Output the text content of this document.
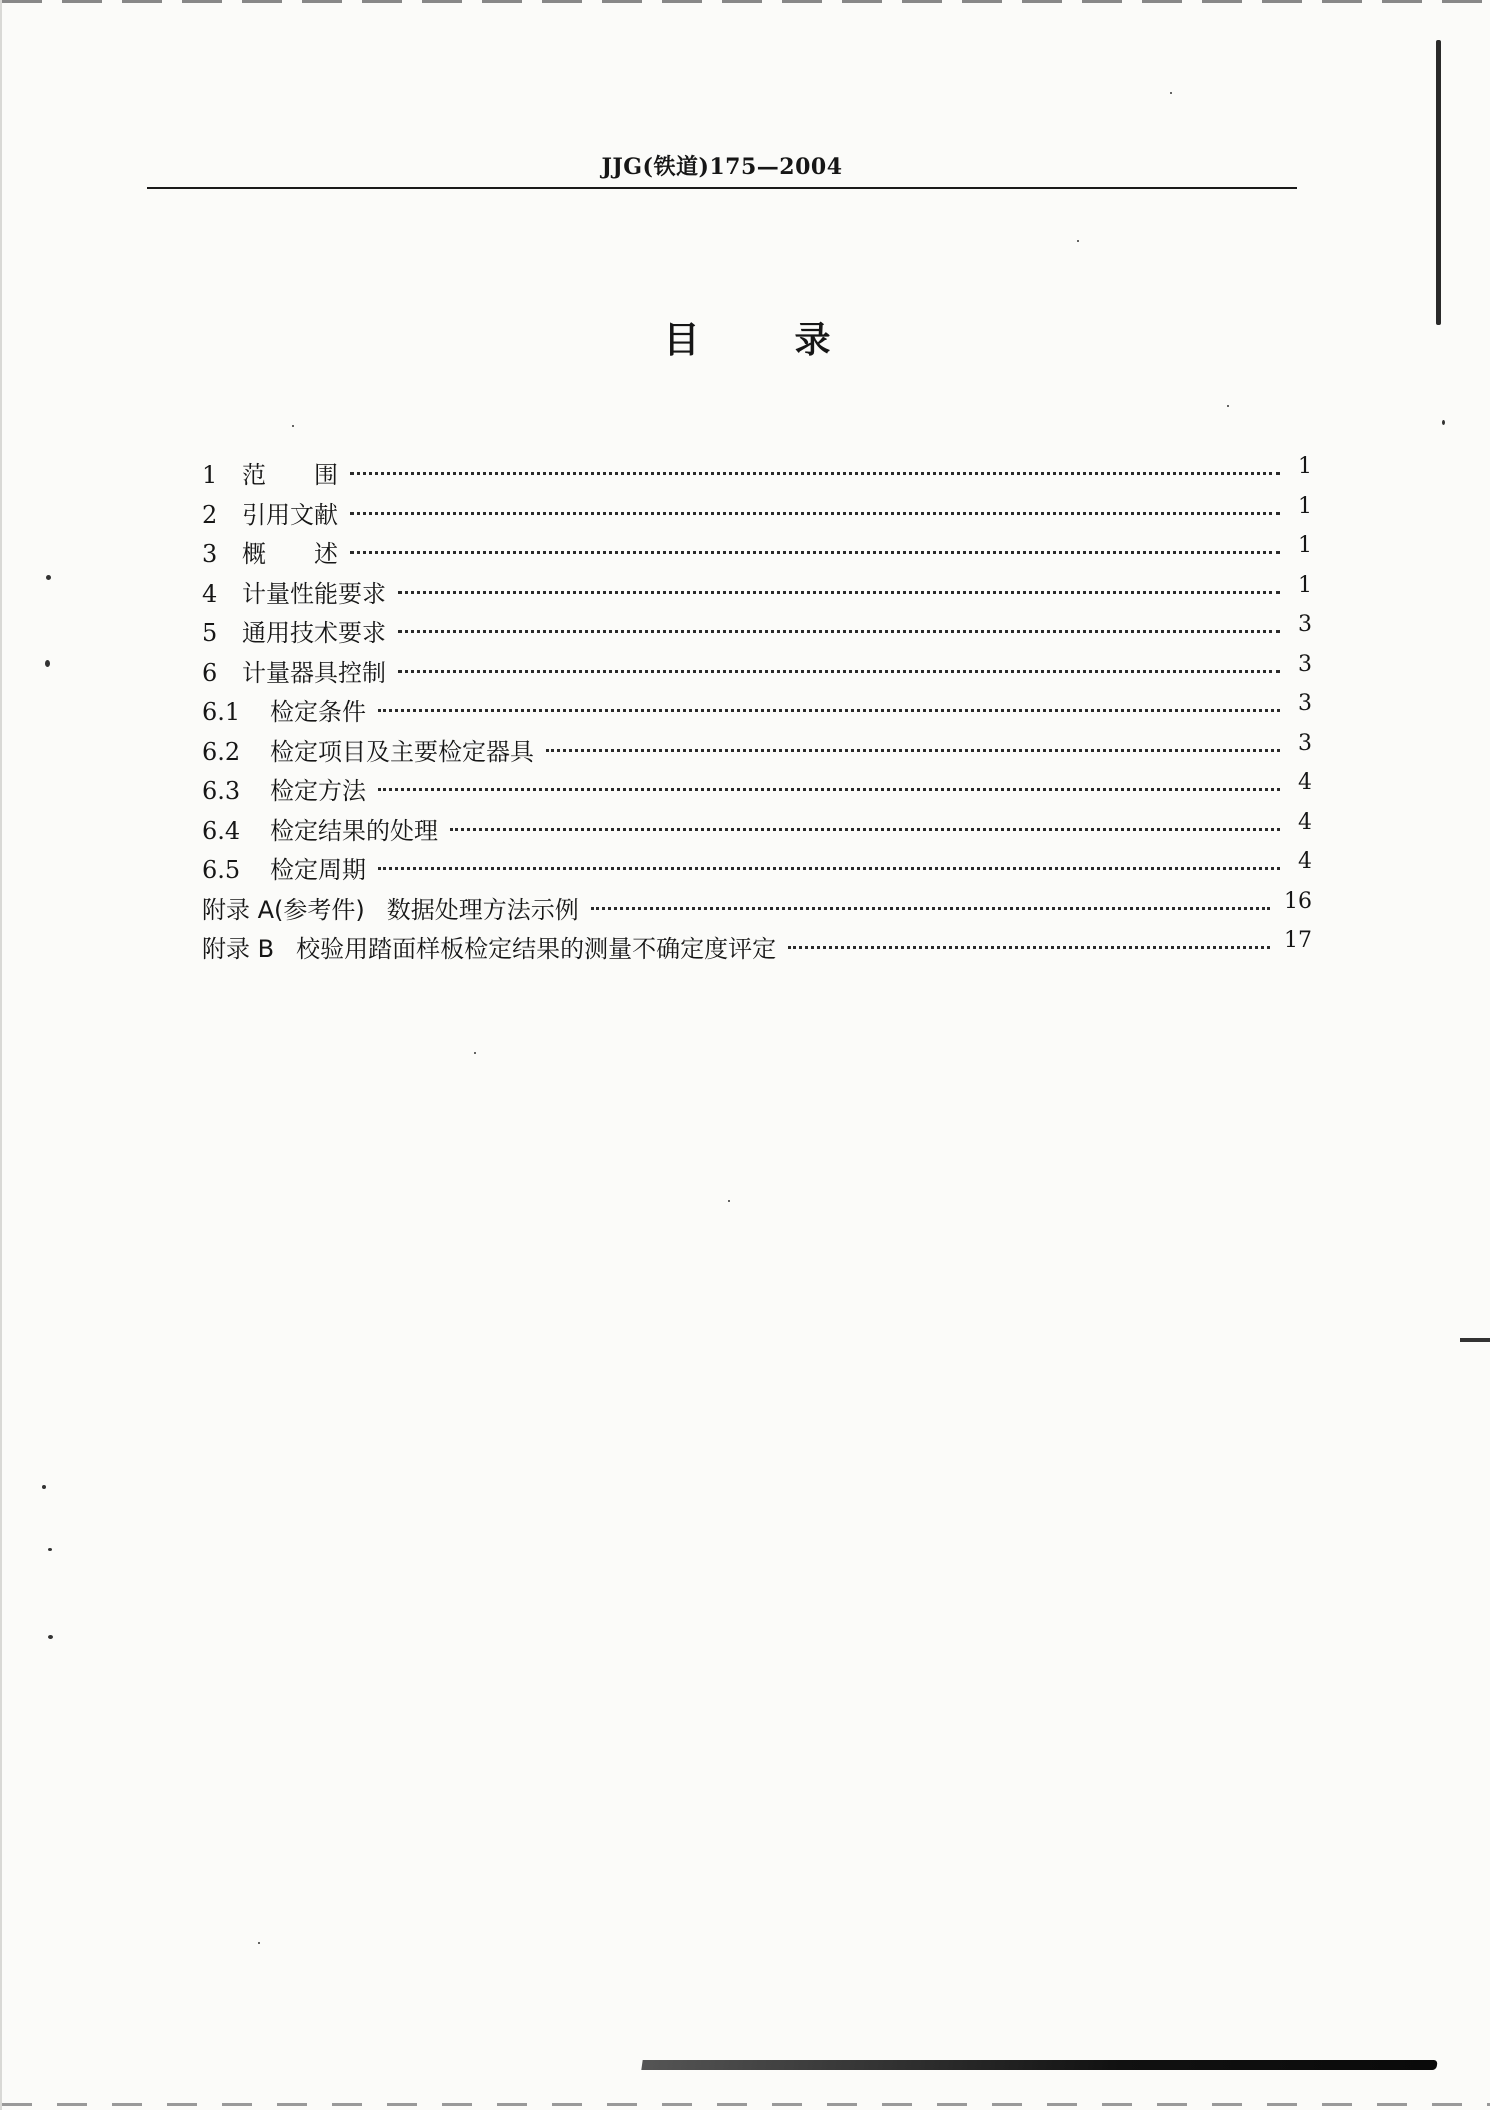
JJG(铁道)175—2004
目	录
1	范　　围	1
2	引用文献	1
3	概　　述	1
4	计量性能要求	1
5	通用技术要求	3
6	计量器具控制	3
6.1	检定条件	3
6.2	检定项目及主要检定器具	3
6.3	检定方法	4
6.4	检定结果的处理	4
6.5	检定周期	4
附录 A(参考件) 数据处理方法示例	16
附录 B 校验用踏面样板检定结果的测量不确定度评定	17
